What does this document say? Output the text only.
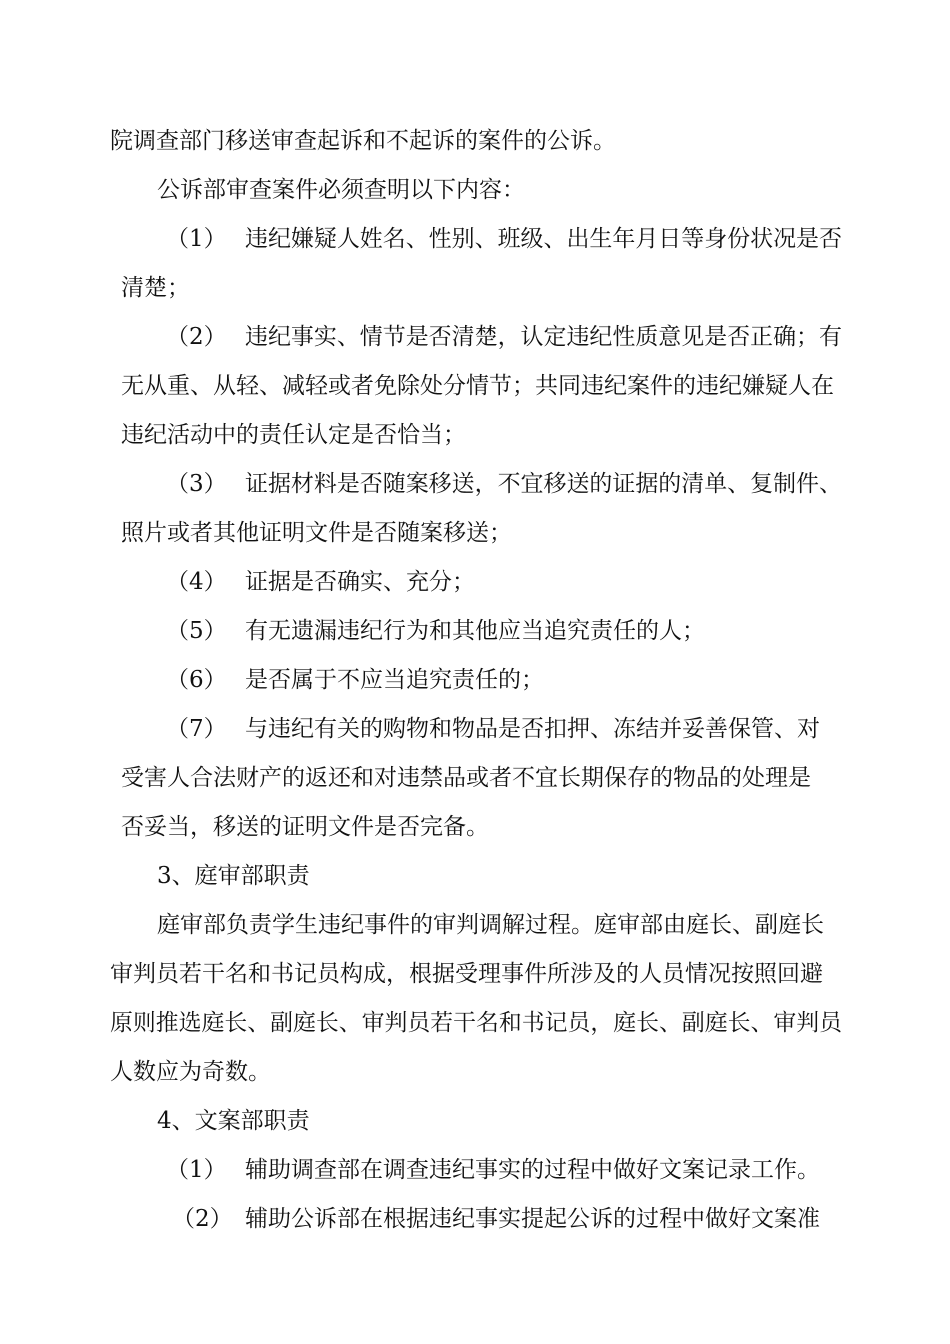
院调查部门移送审查起诉和不起诉的案件的公诉。
公诉部审查案件必须查明以下内容：
（1） 违纪嫌疑人姓名、性别、班级、出生年月日等身份状况是否
清楚；
（2） 违纪事实、情节是否清楚，认定违纪性质意见是否正确；有
无从重、从轻、减轻或者免除处分情节；共同违纪案件的违纪嫌疑人在
违纪活动中的责任认定是否恰当；
（3） 证据材料是否随案移送，不宜移送的证据的清单、复制件、
照片或者其他证明文件是否随案移送；
（4） 证据是否确实、充分；
（5） 有无遗漏违纪行为和其他应当追究责任的人；
（6） 是否属于不应当追究责任的；
（7） 与违纪有关的购物和物品是否扣押、冻结并妥善保管、对
受害人合法财产的返还和对违禁品或者不宜长期保存的物品的处理是
否妥当，移送的证明文件是否完备。
3、庭审部职责
庭审部负责学生违纪事件的审判调解过程。庭审部由庭长、副庭长
审判员若干名和书记员构成，根据受理事件所涉及的人员情况按照回避
原则推选庭长、副庭长、审判员若干名和书记员，庭长、副庭长、审判员
人数应为奇数。
4、文案部职责
（1） 辅助调查部在调查违纪事实的过程中做好文案记录工作。
（2） 辅助公诉部在根据违纪事实提起公诉的过程中做好文案准
